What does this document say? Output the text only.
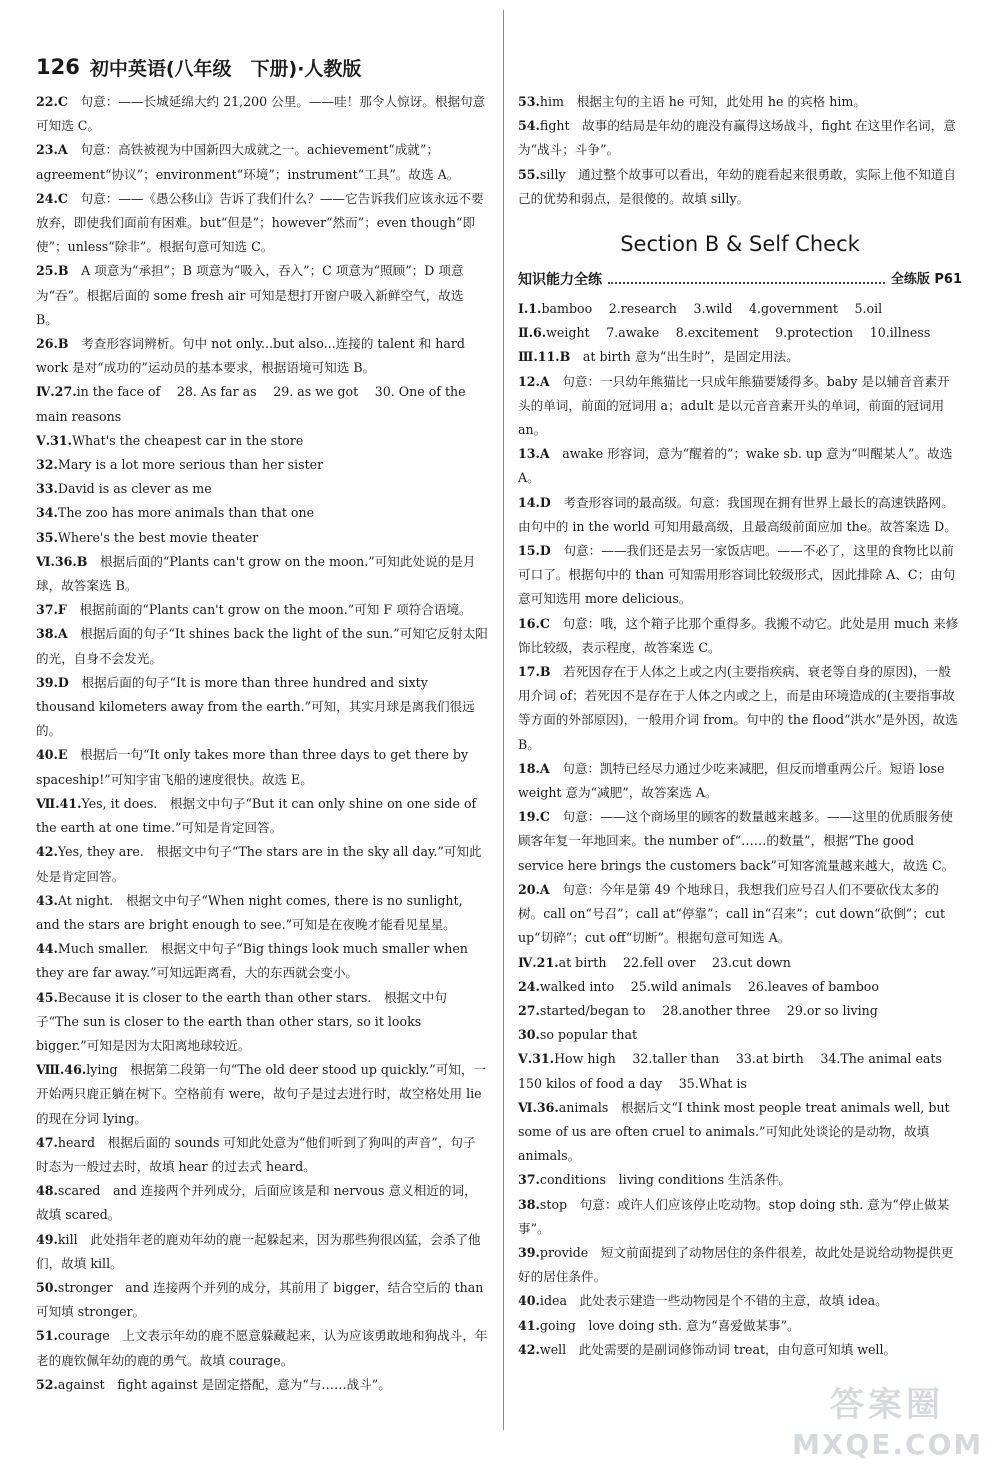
126 初中英语(八年级　下册)·人教版

22.C　句意：——长城延绵大约 21,200 公里。——哇！那令人惊讶。根据句意可知选 C。

23.A　句意：高铁被视为中国新四大成就之一。achievement“成就”；agreement“协议”；environment“环境”；instrument“工具”。故选 A。

24.C　句意：——《愚公移山》告诉了我们什么？——它告诉我们应该永远不要放弃，即使我们面前有困难。but“但是”；however“然而”；even though“即使”；unless“除非”。根据句意可知选 C。

25.B　A 项意为“承担”；B 项意为“吸入，吞入”；C 项意为“照顾”；D 项意为“吞”。根据后面的 some fresh air 可知是想打开窗户吸入新鲜空气，故选 B。

26.B　考查形容词辨析。句中 not only...but also...连接的 talent 和 hard work 是对“成功的”运动员的基本要求，根据语境可知选 B。

Ⅳ.27.in the face of　 28. As far as　 29. as we got　 30. One of the main reasons

Ⅴ.31.What's the cheapest car in the store

32.Mary is a lot more serious than her sister

33.David is as clever as me

34.The zoo has more animals than that one

35.Where's the best movie theater

Ⅵ.36.B　根据后面的“Plants can't grow on the moon.”可知此处说的是月球，故答案选 B。

37.F　根据前面的“Plants can't grow on the moon.”可知 F 项符合语境。

38.A　根据后面的句子“It shines back the light of the sun.”可知它反射太阳的光，自身不会发光。

39.D　根据后面的句子“It is more than three hundred and sixty thousand kilometers away from the earth.”可知，其实月球是离我们很远的。

40.E　根据后一句“It only takes more than three days to get there by spaceship!”可知宇宙飞船的速度很快。故选 E。

Ⅶ.41.Yes, it does.　根据文中句子“But it can only shine on one side of the earth at one time.”可知是肯定回答。

42.Yes, they are.　根据文中句子“The stars are in the sky all day.”可知此处是肯定回答。

43.At night.　根据文中句子“When night comes, there is no sunlight, and the stars are bright enough to see.”可知是在夜晚才能看见星星。

44.Much smaller.　根据文中句子“Big things look much smaller when they are far away.”可知远距离看，大的东西就会变小。

45.Because it is closer to the earth than other stars.　根据文中句子“The sun is closer to the earth than other stars, so it looks bigger.”可知是因为太阳离地球较近。

Ⅷ.46.lying　根据第二段第一句“The old deer stood up quickly.”可知，一开始两只鹿正躺在树下。空格前有 were，故句子是过去进行时，故空格处用 lie 的现在分词 lying。

47.heard　根据后面的 sounds 可知此处意为“他们听到了狗叫的声音”，句子时态为一般过去时，故填 hear 的过去式 heard。

48.scared　and 连接两个并列成分，后面应该是和 nervous 意义相近的词，故填 scared。

49.kill　此处指年老的鹿劝年幼的鹿一起躲起来，因为那些狗很凶猛，会杀了他们，故填 kill。

50.stronger　and 连接两个并列的成分，其前用了 bigger，结合空后的 than 可知填 stronger。

51.courage　上文表示年幼的鹿不愿意躲藏起来，认为应该勇敢地和狗战斗，年老的鹿钦佩年幼的鹿的勇气。故填 courage。

52.against　fight against 是固定搭配，意为“与……战斗”。

53.him　根据主句的主语 he 可知，此处用 he 的宾格 him。

54.fight　故事的结局是年幼的鹿没有赢得这场战斗，fight 在这里作名词，意为“战斗；斗争”。

55.silly　通过整个故事可以看出，年幼的鹿看起来很勇敢，实际上他不知道自己的优势和弱点，是很傻的。故填 silly。

Section B & Self Check
知识能力全练	全练版 P61

Ⅰ.1.bamboo　 2.research　 3.wild　 4.government　 5.oil

Ⅱ.6.weight　 7.awake　 8.excitement　 9.protection　 10.illness

Ⅲ.11.B　at birth 意为“出生时”，是固定用法。

12.A　句意：一只幼年熊猫比一只成年熊猫要矮得多。baby 是以辅音音素开头的单词，前面的冠词用 a；adult 是以元音音素开头的单词，前面的冠词用 an。

13.A　awake 形容词，意为“醒着的”；wake sb. up 意为“叫醒某人”。故选 A。

14.D　考查形容词的最高级。句意：我国现在拥有世界上最长的高速铁路网。由句中的 in the world 可知用最高级，且最高级前面应加 the。故答案选 D。

15.D　句意：——我们还是去另一家饭店吧。——不必了，这里的食物比以前可口了。根据句中的 than 可知需用形容词比较级形式，因此排除 A、C；由句意可知选用 more delicious。

16.C　句意：哦，这个箱子比那个重得多。我搬不动它。此处是用 much 来修饰比较级，表示程度，故答案选 C。

17.B　若死因存在于人体之上或之内(主要指疾病、衰老等自身的原因)，一般用介词 of；若死因不是存在于人体之内或之上，而是由环境造成的(主要指事故等方面的外部原因)，一般用介词 from。句中的 the flood“洪水”是外因，故选 B。

18.A　句意：凯特已经尽力通过少吃来减肥，但反而增重两公斤。短语 lose weight 意为“减肥”，故答案选 A。

19.C　句意：——这个商场里的顾客的数量越来越多。——这里的优质服务使顾客年复一年地回来。the number of“……的数量”，根据“The good service here brings the customers back”可知客流量越来越大，故选 C。

20.A　句意：今年是第 49 个地球日，我想我们应号召人们不要砍伐太多的树。call on“号召”；call at“停靠”；call in“召来”；cut down“砍倒”；cut up“切碎”；cut off“切断”。根据句意可知选 A。

Ⅳ.21.at birth　 22.fell over　 23.cut down

24.walked into　 25.wild animals　 26.leaves of bamboo

27.started/began to　 28.another three　 29.or so living

30.so popular that

Ⅴ.31.How high　 32.taller than　 33.at birth　 34.The animal eats 150 kilos of food a day　 35.What is

Ⅵ.36.animals　根据后文“I think most people treat animals well, but some of us are often cruel to animals.”可知此处谈论的是动物，故填 animals。

37.conditions　living conditions 生活条件。

38.stop　句意：或许人们应该停止吃动物。stop doing sth. 意为“停止做某事”。

39.provide　短文前面提到了动物居住的条件很差，故此处是说给动物提供更好的居住条件。

40.idea　此处表示建造一些动物园是个不错的主意，故填 idea。

41.going　love doing sth. 意为“喜爱做某事”。

42.well　此处需要的是副词修饰动词 treat，由句意可知填 well。

答案圈
MXQE.COM
